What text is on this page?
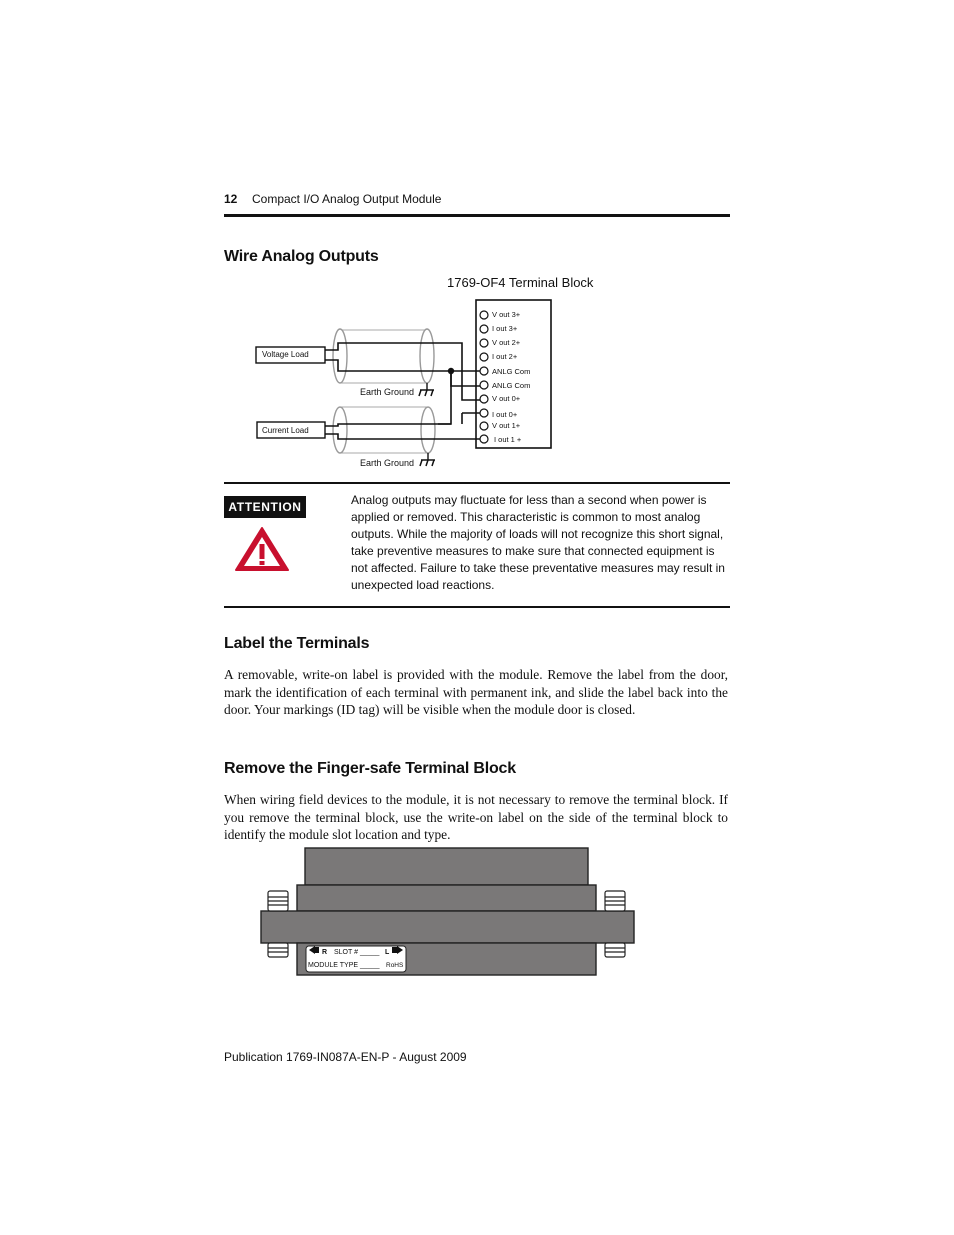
12 Compact I/O Analog Output Module
Wire Analog Outputs
1769-OF4 Terminal Block
V out 3+
I out 3+
V out 2+
I out 2+
ANLG Com
ANLG Com
V out 0+
I out 0+
V out 1+
I out 1 +
Voltage Load
Current Load
Earth Ground
Earth Ground
ATTENTION	Analog outputs may fluctuate for less than a second when power is applied or removed. This characteristic is common to most analog outputs. While the majority of loads will not recognize this short signal, take preventive measures to make sure that connected equipment is not affected. Failure to take these preventative measures may result in unexpected load reactions.
Label the Terminals
A removable, write-on label is provided with the module. Remove the label from the door, mark the identification of each terminal with permanent ink, and slide the label back into the door. Your markings (ID tag) will be visible when the module door is closed.
Remove the Finger-safe Terminal Block
When wiring field devices to the module, it is not necessary to remove the terminal block. If you remove the terminal block, use the write-on label on the side of the terminal block to identify the module slot location and type.
R SLOT # _____ L
MODULE TYPE _____ RoHS
Publication 1769-IN087A-EN-P - August 2009
